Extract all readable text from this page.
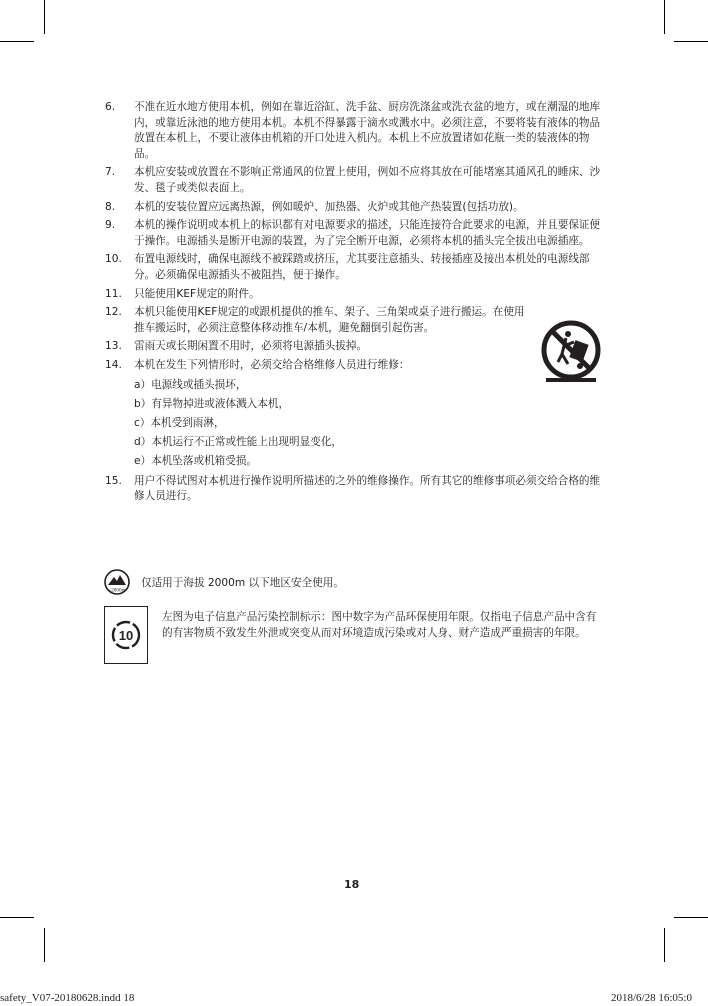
6. 不准在近水地方使用本机，例如在靠近浴缸、洗手盆、厨房洗涤盆或洗衣盆的地方，或在潮湿的地库内，或靠近泳池的地方使用本机。本机不得暴露于滴水或溅水中。必须注意，不要将装有液体的物品放置在本机上，不要让液体由机箱的开口处进入机内。本机上不应放置诸如花瓶一类的装液体的物品。
7. 本机应安装或放置在不影响正常通风的位置上使用，例如不应将其放在可能堵塞其通风孔的睡床、沙发、毯子或类似表面上。
8. 本机的安装位置应远离热源，例如暖炉、加热器、火炉或其他产热装置(包括功放)。
9. 本机的操作说明或本机上的标识都有对电源要求的描述，只能连接符合此要求的电源，并且要保证便于操作。电源插头是断开电源的装置，为了完全断开电源，必须将本机的插头完全拔出电源插座。
10. 布置电源线时，确保电源线不被踩踏或挤压，尤其要注意插头、转接插座及接出本机处的电源线部分。必须确保电源插头不被阻挡，便于操作。
11. 只能使用KEF规定的附件。
12. 本机只能使用KEF规定的或跟机提供的推车、架子、三角架或桌子进行搬运。在使用推车搬运时，必须注意整体移动推车/本机，避免翻倒引起伤害。
13. 雷雨天或长期闲置不用时，必须将电源插头拔掉。
14. 本机在发生下列情形时，必须交给合格维修人员进行维修：
a）电源线或插头损坏，
b）有异物掉进或液体溅入本机，
c）本机受到雨淋，
d）本机运行不正常或性能上出现明显变化，
e）本机坠落或机箱受损。
15. 用户不得试图对本机进行操作说明所描述的之外的维修操作。所有其它的维修事项必须交给合格的维修人员进行。
≤2000m
仅适用于海拔 2000m 以下地区安全使用。
10
左图为电子信息产品污染控制标示：图中数字为产品环保使用年限。仅指电子信息产品中含有的有害物质不致发生外泄或突变从而对环境造成污染或对人身、财产造成严重损害的年限。
18
safety_V07-20180628.indd 18	2018/6/28 16:05:0
